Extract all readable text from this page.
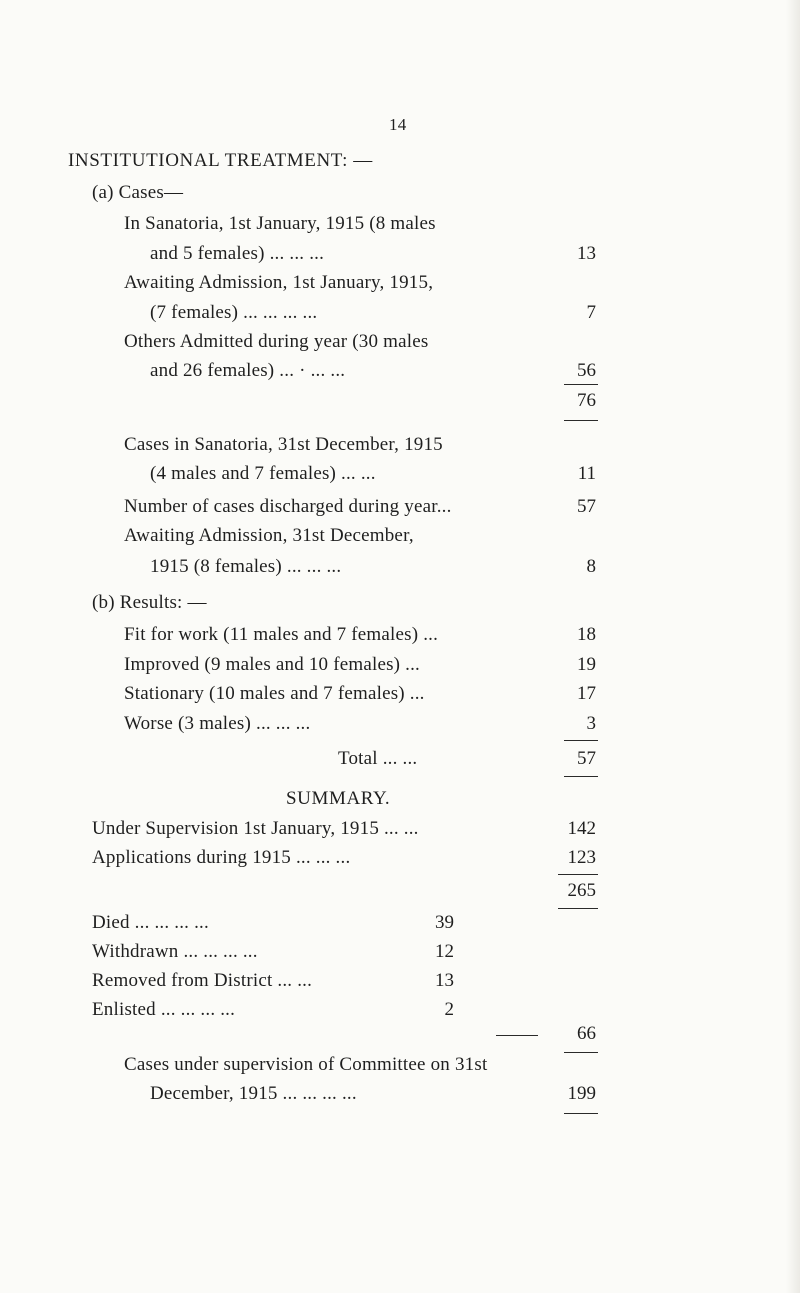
14
INSTITUTIONAL TREATMENT: —
(a) Cases—
In Sanatoria, 1st January, 1915 (8 males
and 5 females) ... ... ...	13
Awaiting Admission, 1st January, 1915,
(7 females) ... ... ... ...	7
Others Admitted during year (30 males
and 26 females) ... · ... ...	56
76
Cases in Sanatoria, 31st December, 1915
(4 males and 7 females) ... ...	11
Number of cases discharged during year...	57
Awaiting Admission, 31st December,
1915 (8 females) ... ... ...	8
(b) Results: —
Fit for work (11 males and 7 females) ...	18
Improved (9 males and 10 females) ...	19
Stationary (10 males and 7 females) ...	17
Worse (3 males) ... ... ...	3
Total ... ...	57
SUMMARY.
Under Supervision 1st January, 1915 ... ...	142
Applications during 1915 ... ... ...	123
265
Died ... ... ... ...	39
Withdrawn ... ... ... ...	12
Removed from District ... ...	13
Enlisted ... ... ... ...	2
66
Cases under supervision of Committee on 31st
December, 1915 ... ... ... ...	199
